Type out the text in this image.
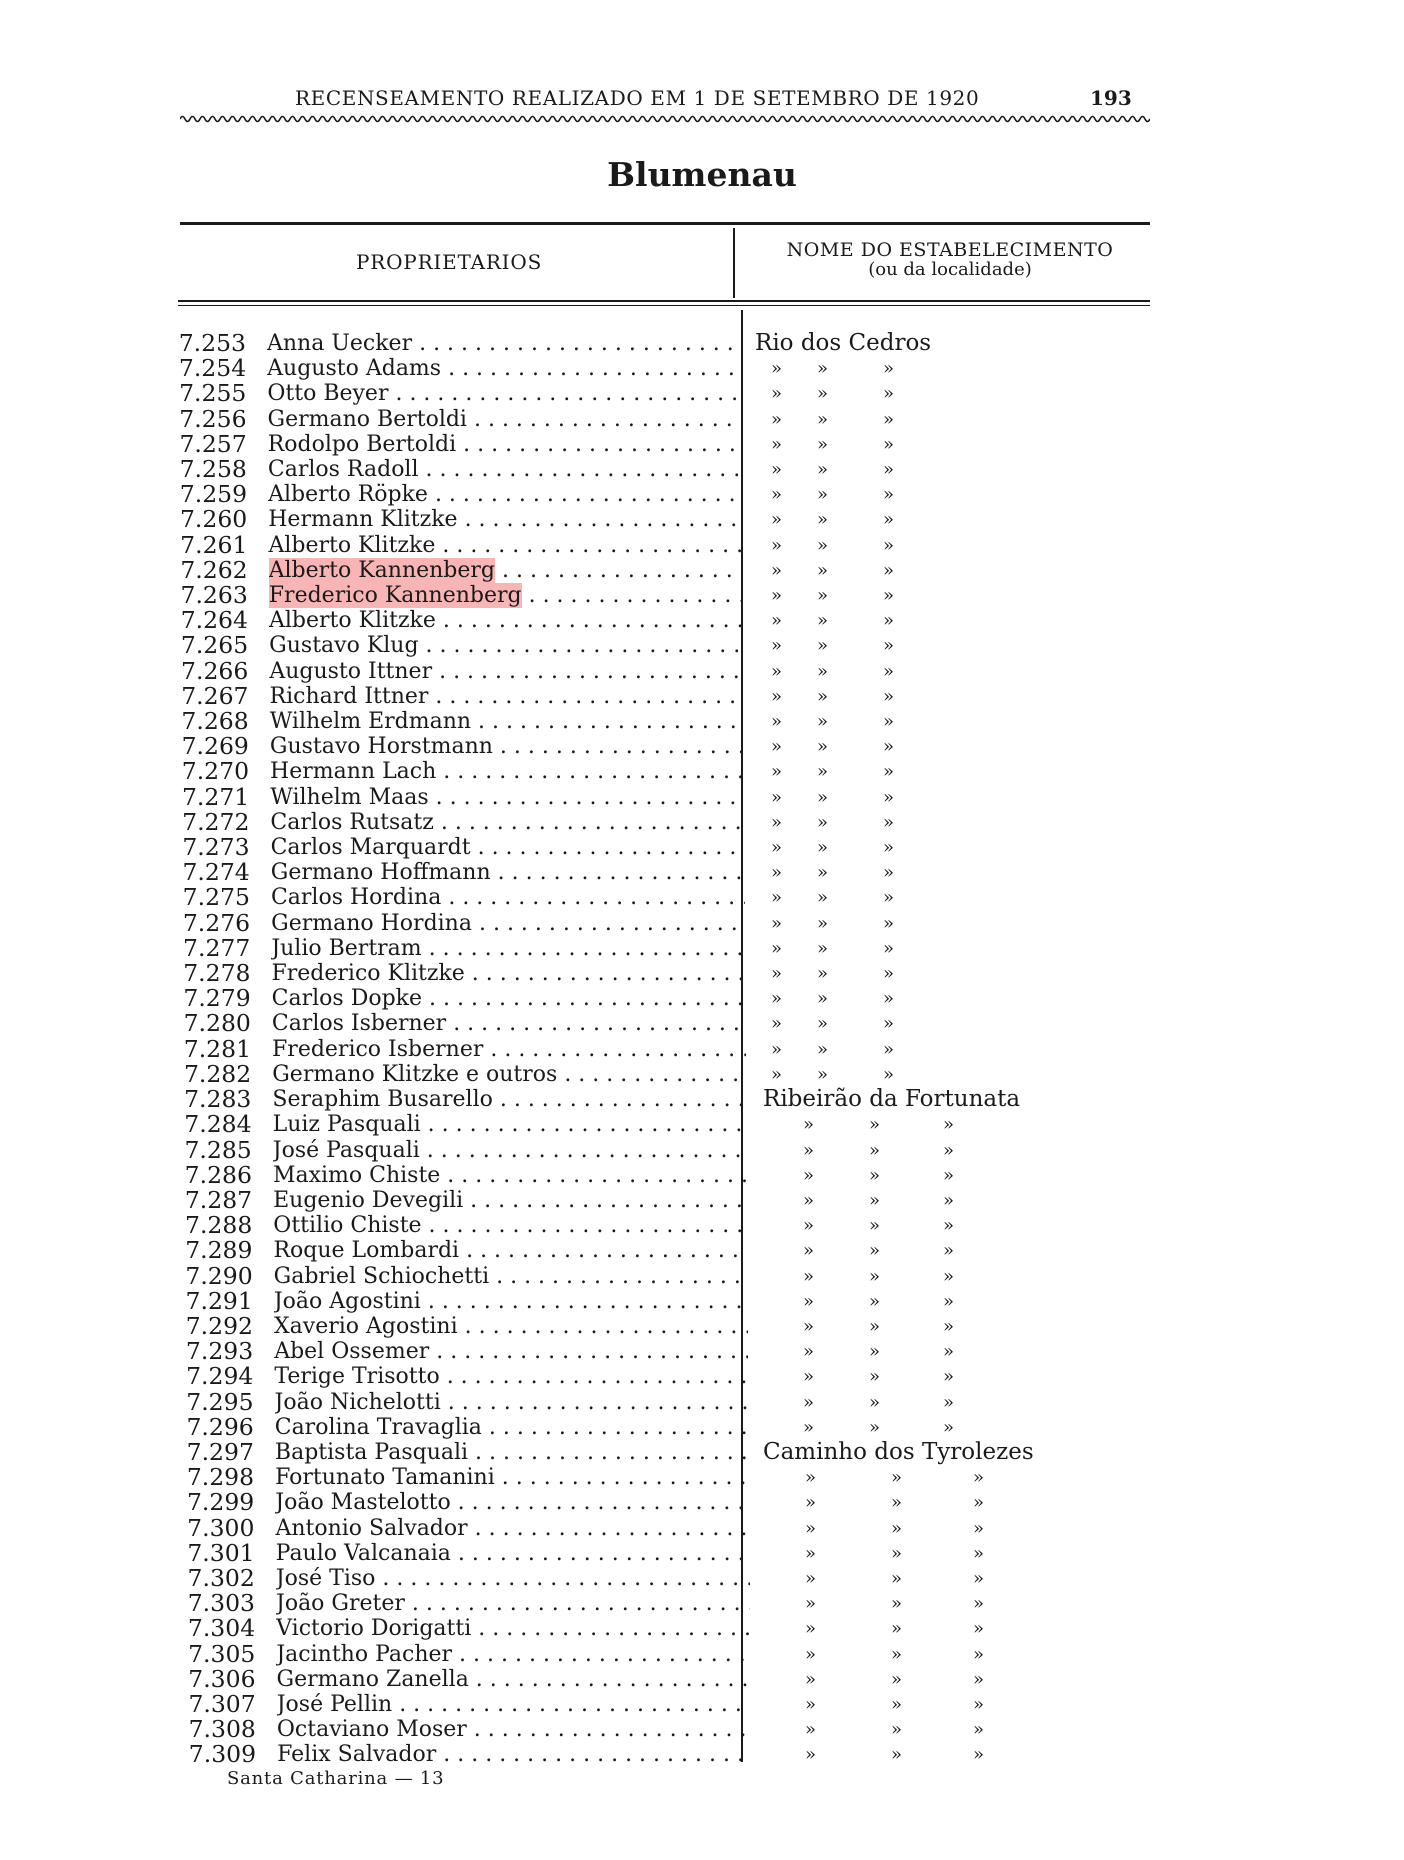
RECENSEAMENTO REALIZADO EM 1 DE SETEMBRO DE 1920	193
Blumenau
PROPRIETARIOS	NOME DO ESTABELECIMENTO
(ou da localidade)
7.253 Anna Uecker . . .	Rio dos Cedros
7.254 Augusto Adams . . .	» »	»
7.255 Otto Beyer . . .	» »	»
7.256 Germano Bertoldi . . .	» »	»
7.257 Rodolpo Bertoldi . . .	» »	»
7.258 Carlos Radoll . . .	» »	»
7.259 Alberto Röpke . . .	» »	»
7.260 Hermann Klitzke . . .	» »	»
7.261 Alberto Klitzke . . .	» »	»
7.262 Alberto Kannenberg . . .	» »	»
7.263 Frederico Kannenberg . . .	» »	»
7.264 Alberto Klitzke . . .	» »	»
7.265 Gustavo Klug . . .	» »	»
7.266 Augusto Ittner . . .	» »	»
7.267 Richard Ittner . . .	» »	»
7.268 Wilhelm Erdmann . . .	» »	»
7.269 Gustavo Horstmann . . .	» »	»
7.270 Hermann Lach . . .	» »	»
7.271 Wilhelm Maas . . .	» »	»
7.272 Carlos Rutsatz . . .	» »	»
7.273 Carlos Marquardt . . .	» »	»
7.274 Germano Hoffmann . . .	» »	»
7.275 Carlos Hordina . . .	» »	»
7.276 Germano Hordina . . .	» »	»
7.277 Julio Bertram . . .	» »	»
7.278 Frederico Klitzke . . .	» »	»
7.279 Carlos Dopke . . .	» »	»
7.280 Carlos Isberner . . .	» »	»
7.281 Frederico Isberner . . .	» »	»
7.282 Germano Klitzke e outros . . .	» »	»
7.283 Seraphim Busarello . . .	Ribeirão da Fortunata
7.284 Luiz Pasquali . . .	»	»	»
7.285 José Pasquali . . .	»	»	»
7.286 Maximo Chiste . . .	»	»	»
7.287 Eugenio Devegili . . .	»	»	»
7.288 Ottilio Chiste . . .	»	»	»
7.289 Roque Lombardi . . .	»	»	»
7.290 Gabriel Schiochetti . . .	»	»	»
7.291 João Agostini . . .	»	»	»
7.292 Xaverio Agostini . . .	»	»	»
7.293 Abel Ossemer . . .	»	»	»
7.294 Terige Trisotto . . .	»	»	»
7.295 João Nichelotti . . .	»	»	»
7.296 Carolina Travaglia . . .	»	»	»
7.297 Baptista Pasquali . . .	Caminho dos Tyrolezes
7.298 Fortunato Tamanini . . .	»	»	»
7.299 João Mastelotto . . .	»	»	»
7.300 Antonio Salvador . . .	»	»	»
7.301 Paulo Valcanaia . . .	»	»	»
7.302 José Tiso . . .	»	»	»
7.303 João Greter . . .	»	»	»
7.304 Victorio Dorigatti . . .	»	»	»
7.305 Jacintho Pacher . . .	»	»	»
7.306 Germano Zanella . . .	»	»	»
7.307 José Pellin . . .	»	»	»
7.308 Octaviano Moser . . .	»	»	»
7.309 Felix Salvador . . .	»	»	»
Santa Catharina — 13
